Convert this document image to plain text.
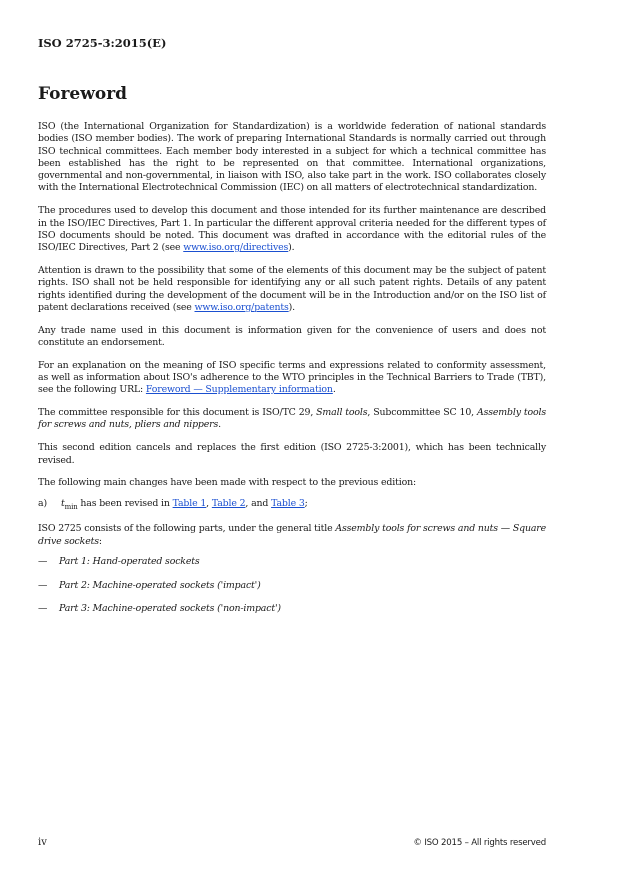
ISO 2725-3:2015(E)
Foreword

ISO (the International Organization for Standardization) is a worldwide federation of national standards bodies (ISO member bodies). The work of preparing International Standards is normally carried out through ISO technical committees. Each member body interested in a subject for which a technical committee has been established has the right to be represented on that committee. International organizations, governmental and non-governmental, in liaison with ISO, also take part in the work. ISO collaborates closely with the International Electrotechnical Commission (IEC) on all matters of electrotechnical standardization.

The procedures used to develop this document and those intended for its further maintenance are described in the ISO/IEC Directives, Part 1. In particular the different approval criteria needed for the different types of ISO documents should be noted. This document was drafted in accordance with the editorial rules of the ISO/IEC Directives, Part 2 (see www.iso.org/directives).

Attention is drawn to the possibility that some of the elements of this document may be the subject of patent rights. ISO shall not be held responsible for identifying any or all such patent rights. Details of any patent rights identified during the development of the document will be in the Introduction and/or on the ISO list of patent declarations received (see www.iso.org/patents).

Any trade name used in this document is information given for the convenience of users and does not constitute an endorsement.

For an explanation on the meaning of ISO specific terms and expressions related to conformity assessment, as well as information about ISO's adherence to the WTO principles in the Technical Barriers to Trade (TBT), see the following URL: Foreword — Supplementary information.

The committee responsible for this document is ISO/TC 29, Small tools, Subcommittee SC 10, Assembly tools for screws and nuts, pliers and nippers.

This second edition cancels and replaces the first edition (ISO 2725-3:2001), which has been technically revised.

The following main changes have been made with respect to the previous edition:

a) $t_{min}$ has been revised in Table 1, Table 2, and Table 3;

ISO 2725 consists of the following parts, under the general title Assembly tools for screws and nuts — Square drive sockets:

— Part 1: Hand-operated sockets
— Part 2: Machine-operated sockets ('impact')
— Part 3: Machine-operated sockets ('non-impact')
iv	© ISO 2015 – All rights reserved
